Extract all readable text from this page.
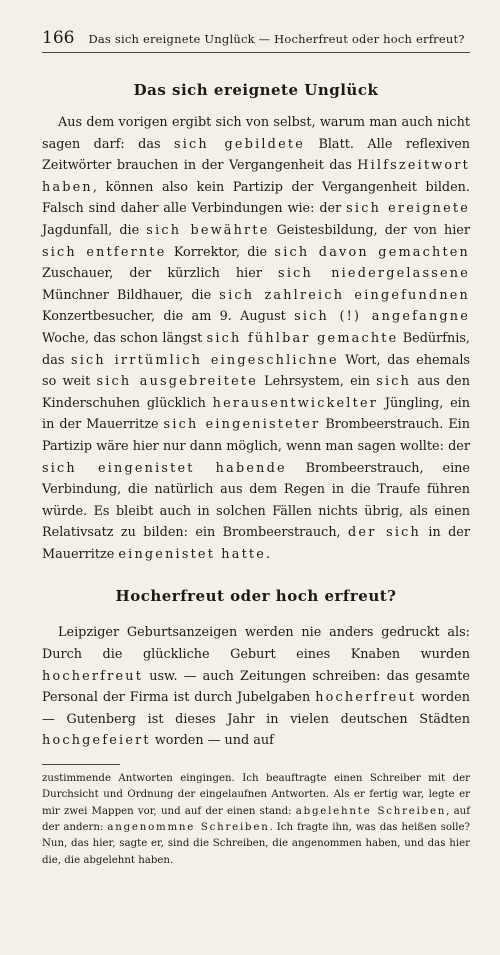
166 Das sich ereignete Unglück — Hocherfreut oder hoch erfreut?
Das sich ereignete Unglück

Aus dem vorigen ergibt sich von selbst, warum man auch nicht sagen darf: das sich gebildete Blatt. Alle reflexiven Zeitwörter brauchen in der Vergangenheit das Hilfszeitwort haben, können also kein Partizip der Vergangenheit bilden. Falsch sind daher alle Verbindungen wie: der sich ereignete Jagdunfall, die sich bewährte Geistesbildung, der von hier sich entfernte Korrektor, die sich davon gemachten Zuschauer, der kürzlich hier sich niedergelassene Münchner Bildhauer, die sich zahlreich eingefundnen Konzertbesucher, die am 9. August sich (!) angefangne Woche, das schon längst sich fühlbar gemachte Bedürfnis, das sich irrtümlich eingeschlichne Wort, das ehemals so weit sich ausgebreitete Lehrsystem, ein sich aus den Kinderschuhen glücklich herausentwickelter Jüngling, ein in der Mauerritze sich eingenisteter Brombeerstrauch. Ein Partizip wäre hier nur dann möglich, wenn man sagen wollte: der sich eingenistet habende Brombeerstrauch, eine Verbindung, die natürlich aus dem Regen in die Traufe führen würde. Es bleibt auch in solchen Fällen nichts übrig, als einen Relativsatz zu bilden: ein Brombeerstrauch, der sich in der Mauerritze eingenistet hatte.

Hocherfreut oder hoch erfreut?

Leipziger Geburtsanzeigen werden nie anders gedruckt als: Durch die glückliche Geburt eines Knaben wurden hocherfreut usw. — auch Zeitungen schreiben: das gesamte Personal der Firma ist durch Jubelgaben hocherfreut worden — Gutenberg ist dieses Jahr in vielen deutschen Städten hochgefeiert worden — und auf

zustimmende Antworten eingingen. Ich beauftragte einen Schreiber mit der Durchsicht und Ordnung der eingelaufnen Antworten. Als er fertig war, legte er mir zwei Mappen vor, und auf der einen stand: abgelehnte Schreiben, auf der andern: angenommne Schreiben. Ich fragte ihn, was das heißen solle? Nun, das hier, sagte er, sind die Schreiben, die angenommen haben, und das hier die, die abgelehnt haben.
